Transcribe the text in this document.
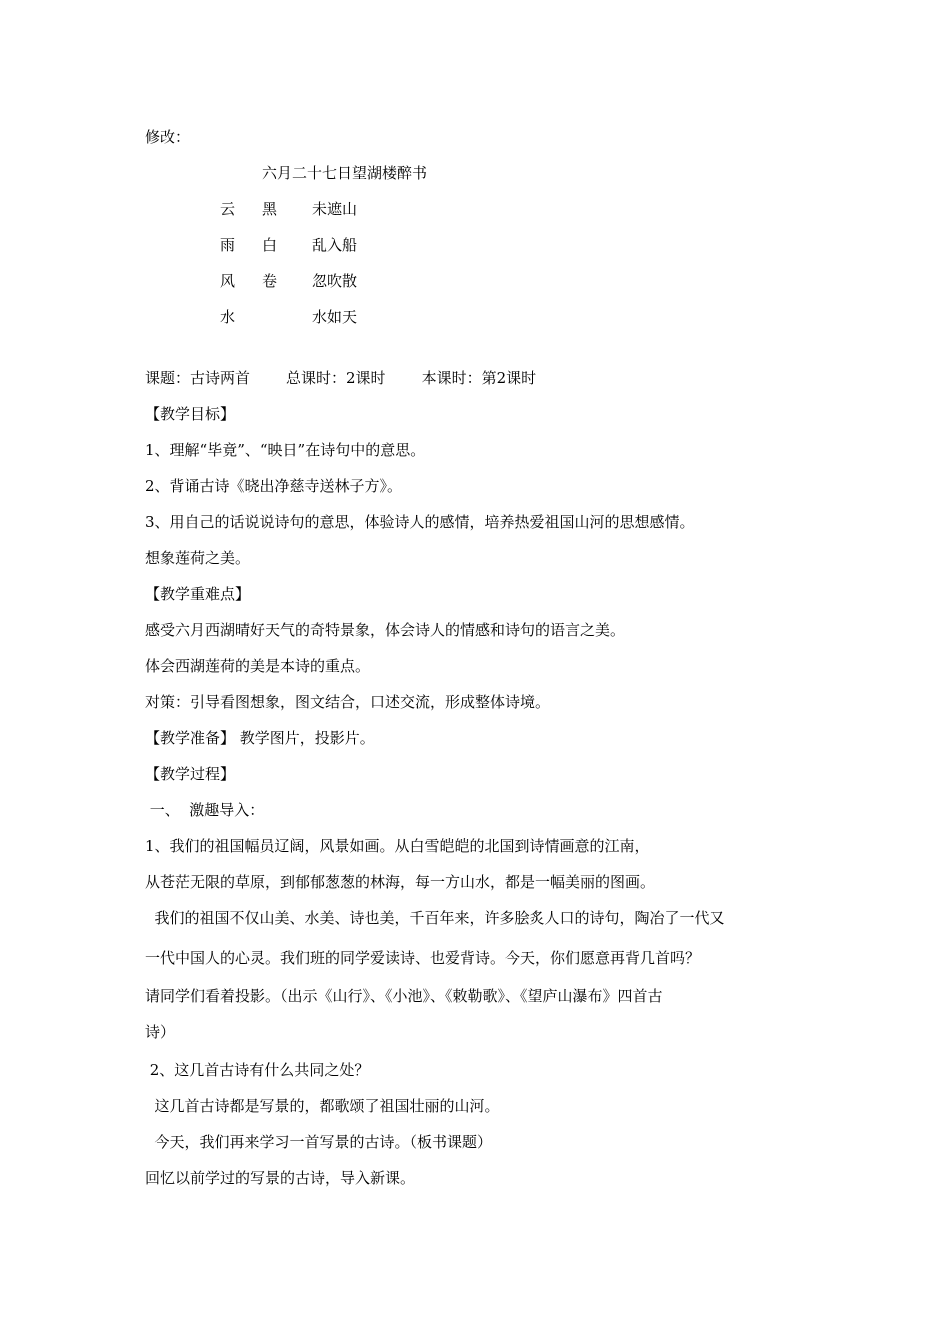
修改：
六月二十七日望湖楼醉书
云 黑 未遮山
雨 白 乱入船
风 卷 忽吹散
水	水如天
课题：古诗两首 总课时：2课时 本课时：第2课时
【教学目标】
1、理解“毕竟”、“映日”在诗句中的意思。
2、背诵古诗《晓出净慈寺送林子方》。
3、用自己的话说说诗句的意思，体验诗人的感情，培养热爱祖国山河的思想感情。
想象莲荷之美。
【教学重难点】
感受六月西湖晴好天气的奇特景象，体会诗人的情感和诗句的语言之美。
体会西湖莲荷的美是本诗的重点。
对策：引导看图想象，图文结合，口述交流，形成整体诗境。
【教学准备】 教学图片，投影片。
【教学过程】
一、  激趣导入：
1、我们的祖国幅员辽阔，风景如画。从白雪皑皑的北国到诗情画意的江南，
从苍茫无限的草原，到郁郁葱葱的林海，每一方山水，都是一幅美丽的图画。
我们的祖国不仅山美、水美、诗也美，千百年来，许多脍炙人口的诗句，陶冶了一代又
一代中国人的心灵。我们班的同学爱读诗、也爱背诗。今天，你们愿意再背几首吗？
请同学们看着投影。（出示《山行》、《小池》、《敕勒歌》、《望庐山瀑布》四首古
诗）
2、这几首古诗有什么共同之处？
这几首古诗都是写景的，都歌颂了祖国壮丽的山河。
今天，我们再来学习一首写景的古诗。（板书课题）
回忆以前学过的写景的古诗，导入新课。
